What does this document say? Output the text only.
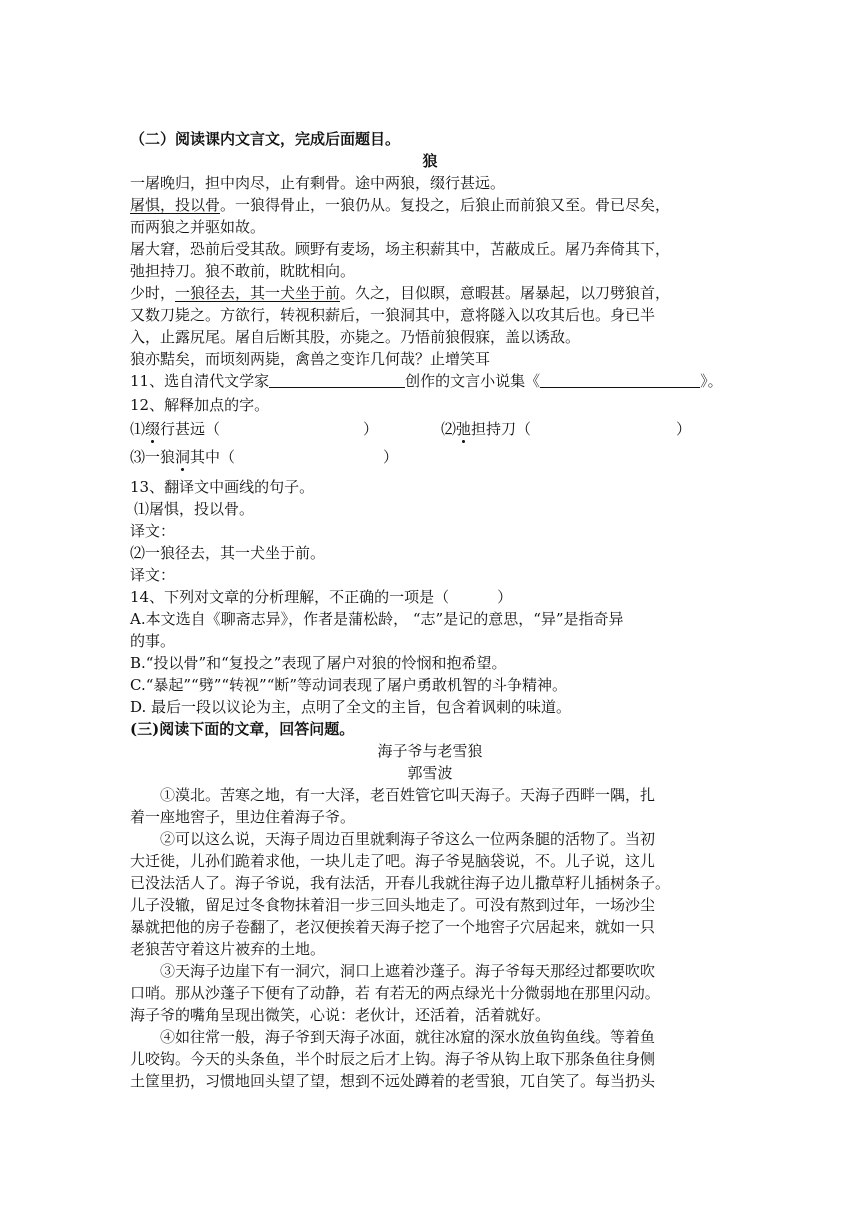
（二）阅读课内文言文，完成后面题目。
狼
一屠晚归，担中肉尽，止有剩骨。途中两狼，缀行甚远。
屠惧，投以骨。一狼得骨止，一狼仍从。复投之，后狼止而前狼又至。骨已尽矣，
而两狼之并驱如故。
屠大窘，恐前后受其敌。顾野有麦场，场主积薪其中，苫蔽成丘。屠乃奔倚其下，
弛担持刀。狼不敢前，眈眈相向。
少时，一狼径去，其一犬坐于前。久之，目似瞑，意暇甚。屠暴起，以刀劈狼首，
又数刀毙之。方欲行，转视积薪后，一狼洞其中，意将隧入以攻其后也。身已半
入，止露尻尾。屠自后断其股，亦毙之。乃悟前狼假寐，盖以诱敌。
狼亦黠矣，而顷刻两毙，禽兽之变诈几何哉？止增笑耳
11、选自清代文学家	创作的文言小说集《	》。
12、解释加点的字。
⑴缀行甚远（	）	⑵弛担持刀（	）
⑶一狼洞其中（	）
13、翻译文中画线的句子。
⑴屠惧，投以骨。
译文：
⑵一狼径去，其一犬坐于前。
译文：
14、下列对文章的分析理解，不正确的一项是（	）
A.本文选自《聊斋志异》，作者是蒲松龄， “志”是记的意思，“异”是指奇异
的事。
B.“投以骨”和“复投之”表现了屠户对狼的怜悯和抱希望。
C.“暴起”“劈”“转视”“断”等动词表现了屠户勇敢机智的斗争精神。
D. 最后一段以议论为主，点明了全文的主旨，包含着讽刺的味道。
(三)阅读下面的文章，回答问题。
海子爷与老雪狼
郭雪波
①漠北。苦寒之地，有一大泽，老百姓管它叫天海子。天海子西畔一隅，扎
着一座地窖子，里边住着海子爷。
②可以这么说，天海子周边百里就剩海子爷这么一位两条腿的活物了。当初
大迁徙，儿孙们跪着求他，一块儿走了吧。海子爷晃脑袋说，不。儿子说，这儿
已没法活人了。海子爷说，我有法活，开春儿我就往海子边儿撒草籽儿插树条子。
儿子没辙，留足过冬食物抹着泪一步三回头地走了。可没有熬到过年，一场沙尘
暴就把他的房子卷翻了，老汉便挨着天海子挖了一个地窖子穴居起来，就如一只
老狼苦守着这片被弃的土地。
③天海子边崖下有一洞穴，洞口上遮着沙蓬子。海子爷每天那经过都要吹吹
口哨。那从沙蓬子下便有了动静，若 有若无的两点绿光十分微弱地在那里闪动。
海子爷的嘴角呈现出微笑，心说：老伙计，还活着，活着就好。
④如往常一般，海子爷到天海子冰面，就往冰窟的深水放鱼钩鱼线。等着鱼
儿咬钩。今天的头条鱼，半个时辰之后才上钩。海子爷从钩上取下那条鱼往身侧
土筐里扔，习惯地回头望了望，想到不远处蹲着的老雪狼，兀自笑了。每当扔头
